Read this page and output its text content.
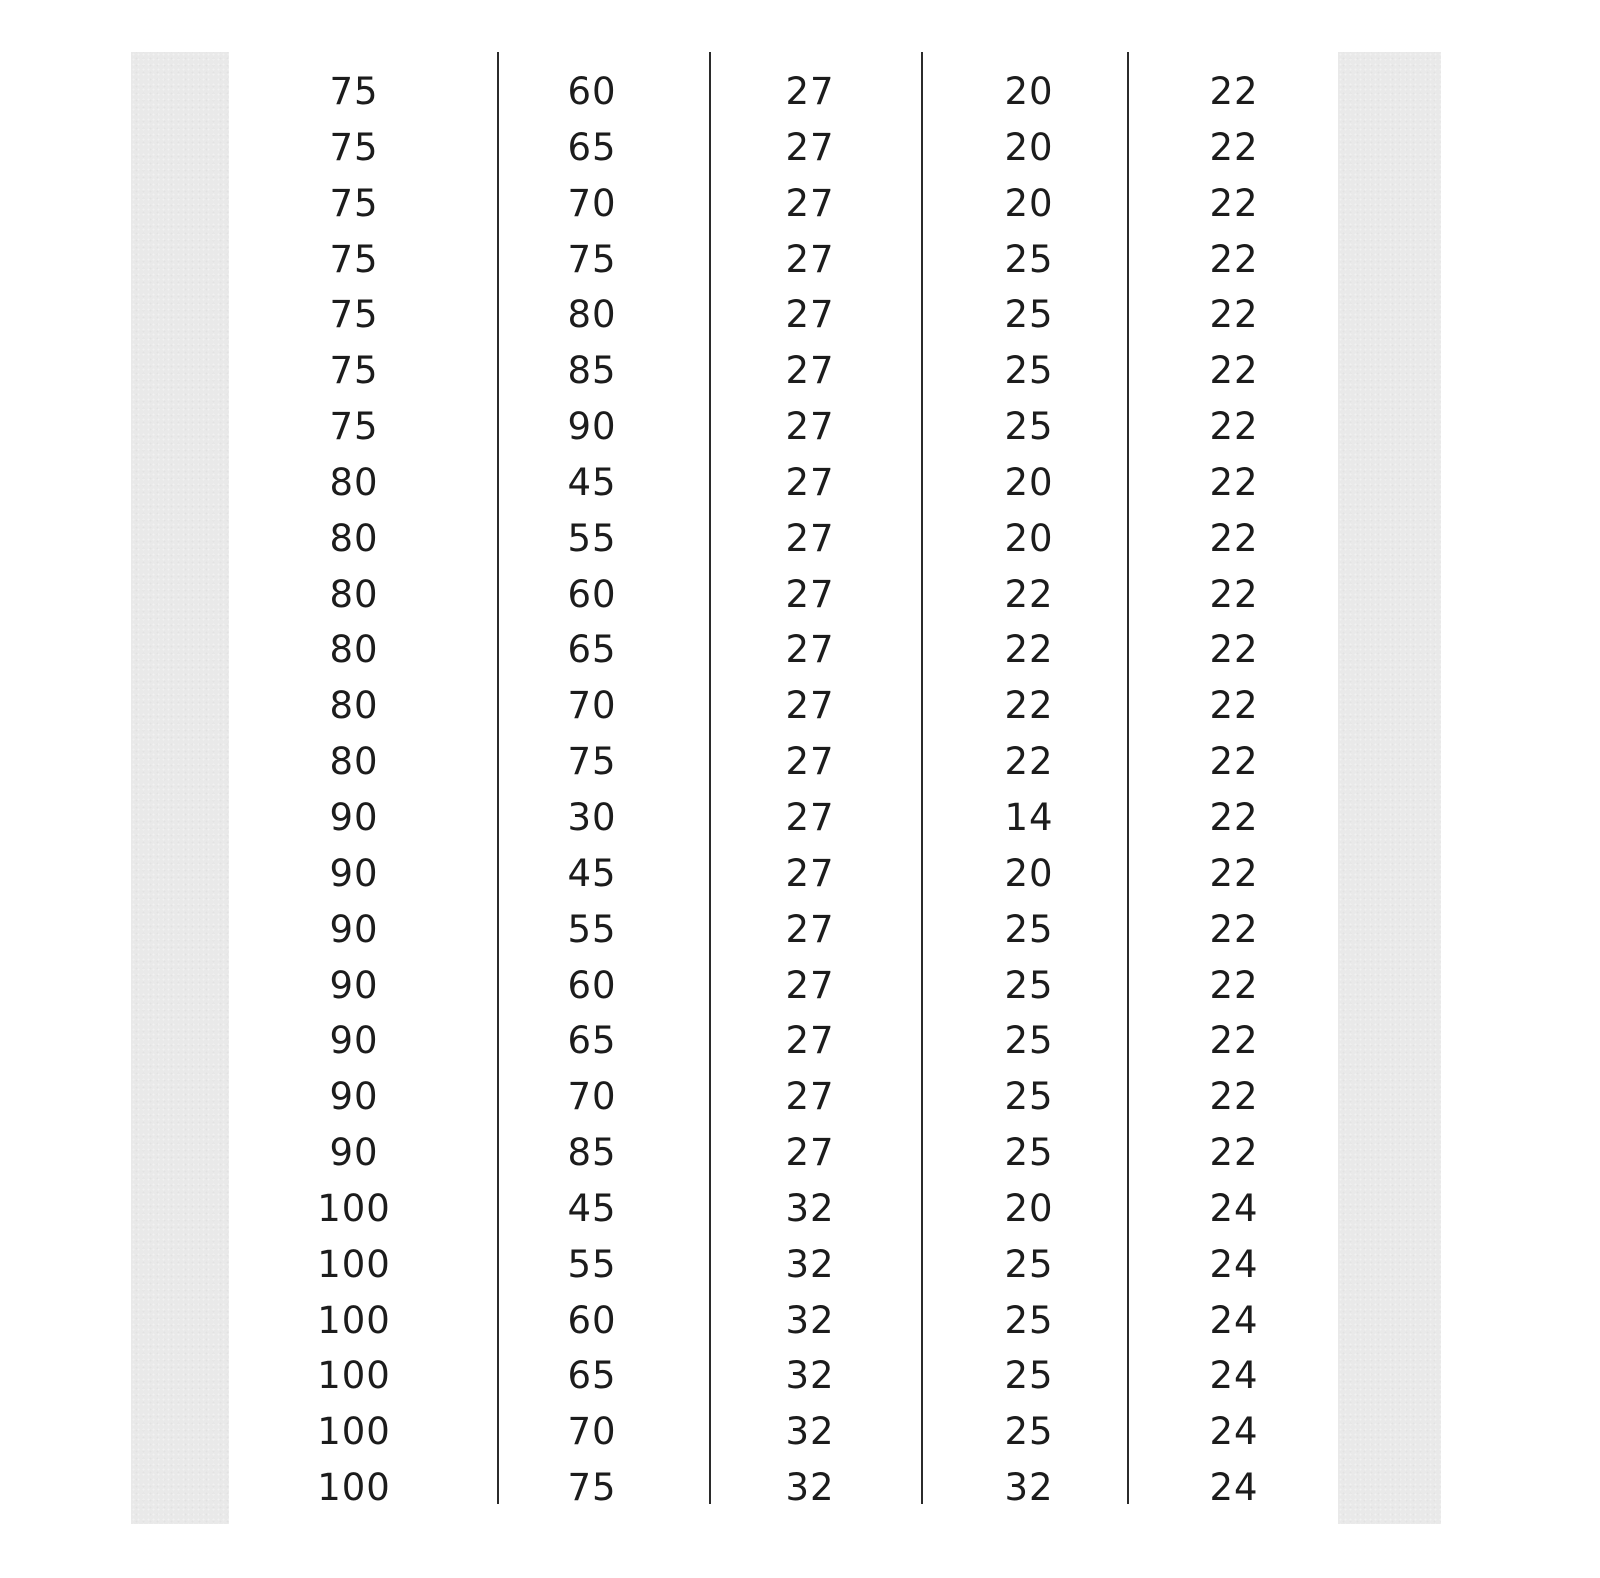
75
75
75
75
75
75
75
80
80
80
80
80
80
90
90
90
90
90
90
90
100
100
100
100
100
100
60
65
70
75
80
85
90
45
55
60
65
70
75
30
45
55
60
65
70
85
45
55
60
65
70
75
27
27
27
27
27
27
27
27
27
27
27
27
27
27
27
27
27
27
27
27
32
32
32
32
32
32
20
20
20
25
25
25
25
20
20
22
22
22
22
14
20
25
25
25
25
25
20
25
25
25
25
32
22
22
22
22
22
22
22
22
22
22
22
22
22
22
22
22
22
22
22
22
24
24
24
24
24
24
